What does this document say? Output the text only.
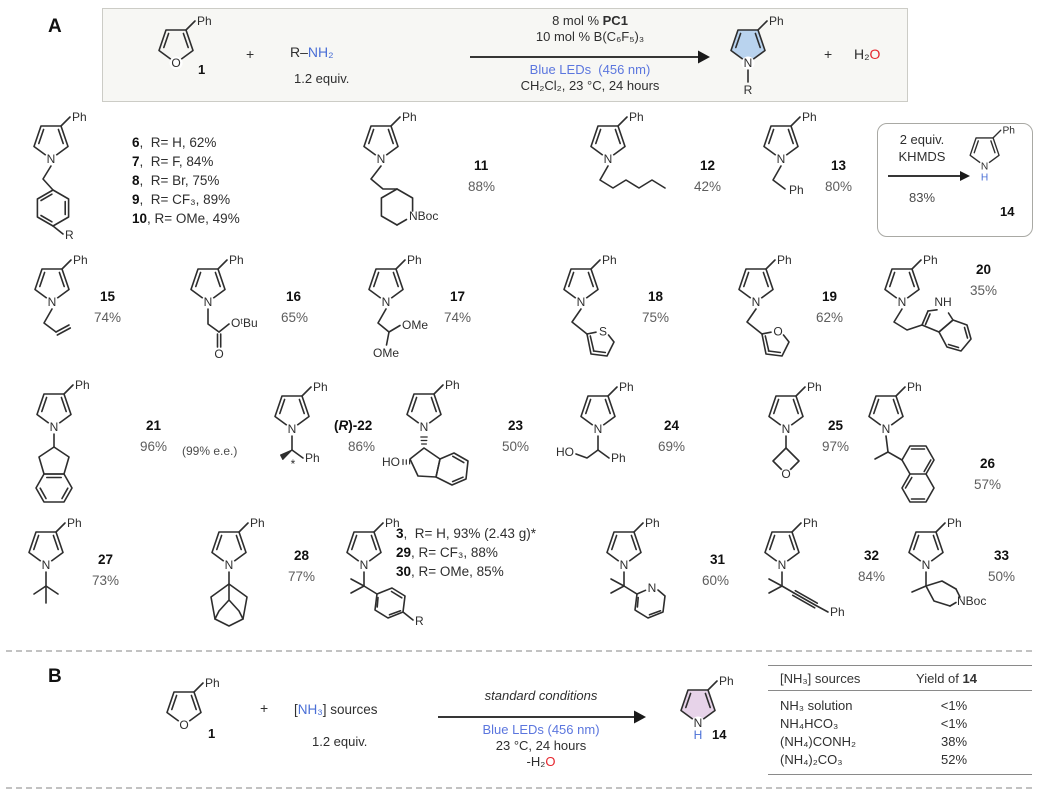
A
1
+	R–NH₂
1.2 equiv.
8 mol % PC1
10 mol % B(C₆F₅)₃
Blue LEDs  (456 nm)
CH₂Cl₂, 23 °C, 24 hours	R
+ H₂O
R
6,  R= H, 62%
7,  R= F, 84%
8,  R= Br, 75%
9,  R= CF₃, 89%
10, R= OMe, 49%	NBoc
11
88%
12
42%	Ph
13
80%
2 equiv.
KHMDS
83%
H
14
15
74%
O
OᵗBu
16
65%	OMe
OMe
17
74%
S
18
75%
O
19
62%
NH
20
35%
21
96% (99% e.e.)	Ph
*
(R)-22
86%
HO
23
50%
Ph
HO
24
69%
O
25
97%
26
57%
27
73%
28
77%
R
3,  R= H, 93% (2.43 g)*
29, R= CF₃, 88%
30, R= OMe, 85%
N
31
60%
Ph
32
84%
NBoc
33
50%
B
1
+ [NH₃] sources
1.2 equiv.
standard conditions
Blue LEDs (456 nm)
23 °C, 24 hours
-H₂O
H 14
[NH₃] sources	Yield of 14
NH₃ solution	<1%
NH₄HCO₃	<1%
(NH₄)CONH₂	38%
(NH₄)₂CO₃	52%
